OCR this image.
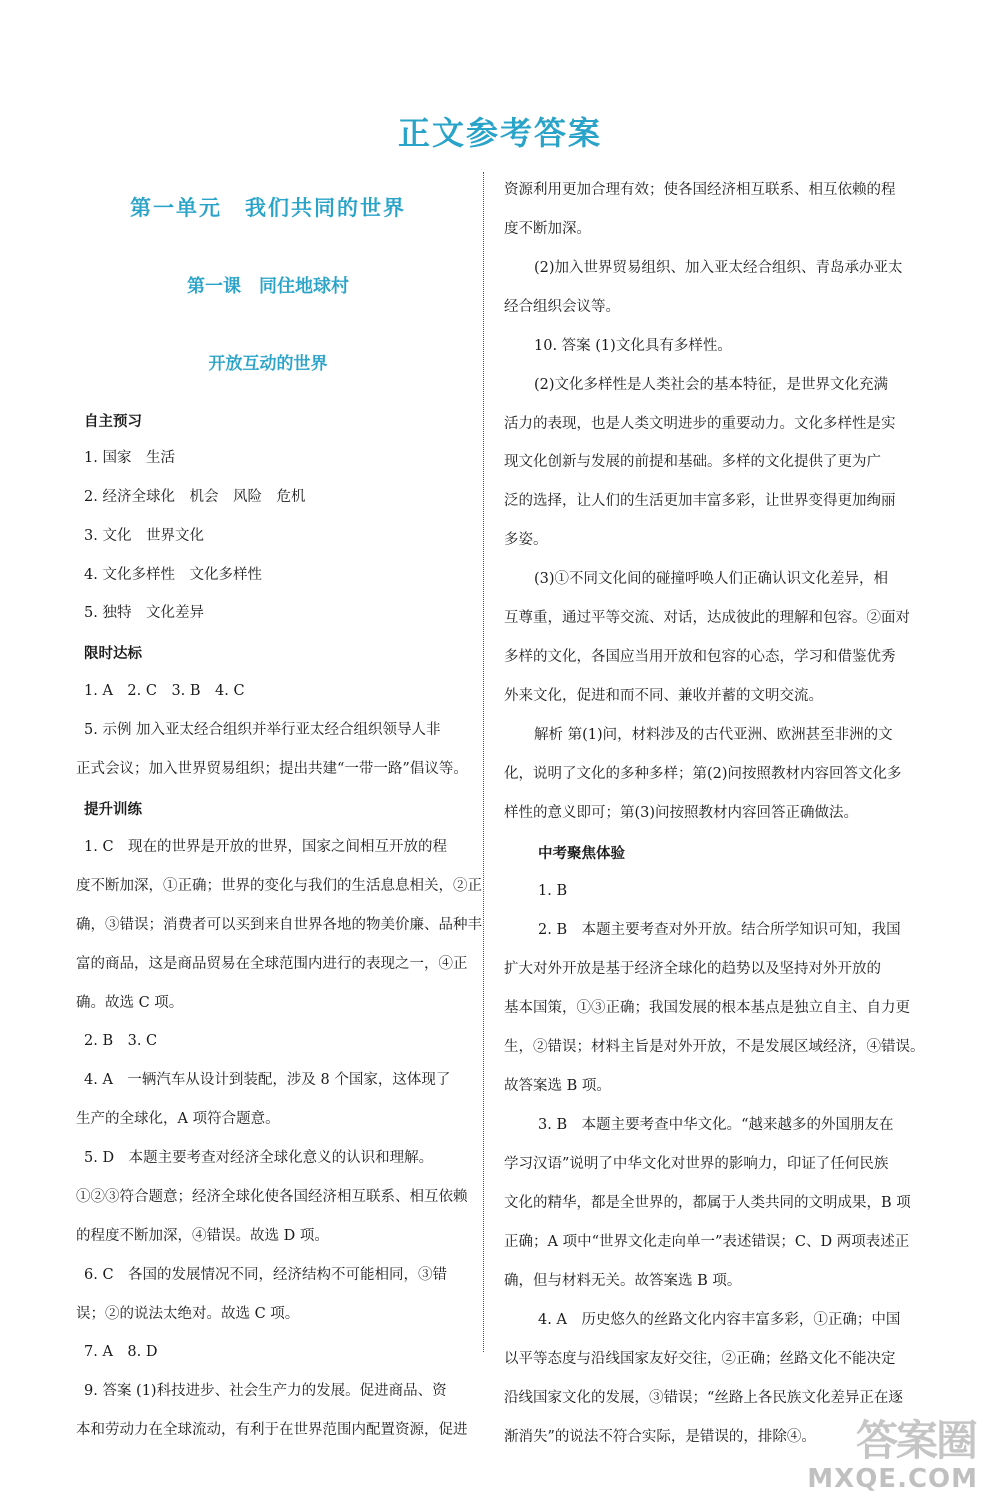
正文参考答案
第一单元　我们共同的世界
第一课　同住地球村
开放互动的世界
自主预习
1. 国家　生活
2. 经济全球化　机会　风险　危机
3. 文化　世界文化
4. 文化多样性　文化多样性
5. 独特　文化差异
限时达标
1. A　2. C　3. B　4. C
5. 示例 加入亚太经合组织并举行亚太经合组织领导人非
正式会议；加入世界贸易组织；提出共建“一带一路”倡议等。
提升训练
1. C　现在的世界是开放的世界，国家之间相互开放的程
度不断加深，①正确；世界的变化与我们的生活息息相关，②正
确，③错误；消费者可以买到来自世界各地的物美价廉、品种丰
富的商品，这是商品贸易在全球范围内进行的表现之一，④正
确。故选 C 项。
2. B　3. C
4. A　一辆汽车从设计到装配，涉及 8 个国家，这体现了
生产的全球化，A 项符合题意。
5. D　本题主要考查对经济全球化意义的认识和理解。
①②③符合题意；经济全球化使各国经济相互联系、相互依赖
的程度不断加深，④错误。故选 D 项。
6. C　各国的发展情况不同，经济结构不可能相同，③错
误；②的说法太绝对。故选 C 项。
7. A　8. D
9. 答案 (1)科技进步、社会生产力的发展。促进商品、资
本和劳动力在全球流动，有利于在世界范围内配置资源，促进
资源利用更加合理有效；使各国经济相互联系、相互依赖的程
度不断加深。
(2)加入世界贸易组织、加入亚太经合组织、青岛承办亚太
经合组织会议等。
10. 答案 (1)文化具有多样性。
(2)文化多样性是人类社会的基本特征，是世界文化充满
活力的表现，也是人类文明进步的重要动力。文化多样性是实
现文化创新与发展的前提和基础。多样的文化提供了更为广
泛的选择，让人们的生活更加丰富多彩，让世界变得更加绚丽
多姿。
(3)①不同文化间的碰撞呼唤人们正确认识文化差异，相
互尊重，通过平等交流、对话，达成彼此的理解和包容。②面对
多样的文化，各国应当用开放和包容的心态，学习和借鉴优秀
外来文化，促进和而不同、兼收并蓄的文明交流。
解析 第(1)问，材料涉及的古代亚洲、欧洲甚至非洲的文
化，说明了文化的多种多样；第(2)问按照教材内容回答文化多
样性的意义即可；第(3)问按照教材内容回答正确做法。
中考聚焦体验
1. B
2. B　本题主要考查对外开放。结合所学知识可知，我国
扩大对外开放是基于经济全球化的趋势以及坚持对外开放的
基本国策，①③正确；我国发展的根本基点是独立自主、自力更
生，②错误；材料主旨是对外开放，不是发展区域经济，④错误。
故答案选 B 项。
3. B　本题主要考查中华文化。“越来越多的外国朋友在
学习汉语”说明了中华文化对世界的影响力，印证了任何民族
文化的精华，都是全世界的，都属于人类共同的文明成果，B 项
正确；A 项中“世界文化走向单一”表述错误；C、D 两项表述正
确，但与材料无关。故答案选 B 项。
4. A　历史悠久的丝路文化内容丰富多彩，①正确；中国
以平等态度与沿线国家友好交往，②正确；丝路文化不能决定
沿线国家文化的发展，③错误；“丝路上各民族文化差异正在逐
渐消失”的说法不符合实际，是错误的，排除④。 答案圈
MXQE.COM
